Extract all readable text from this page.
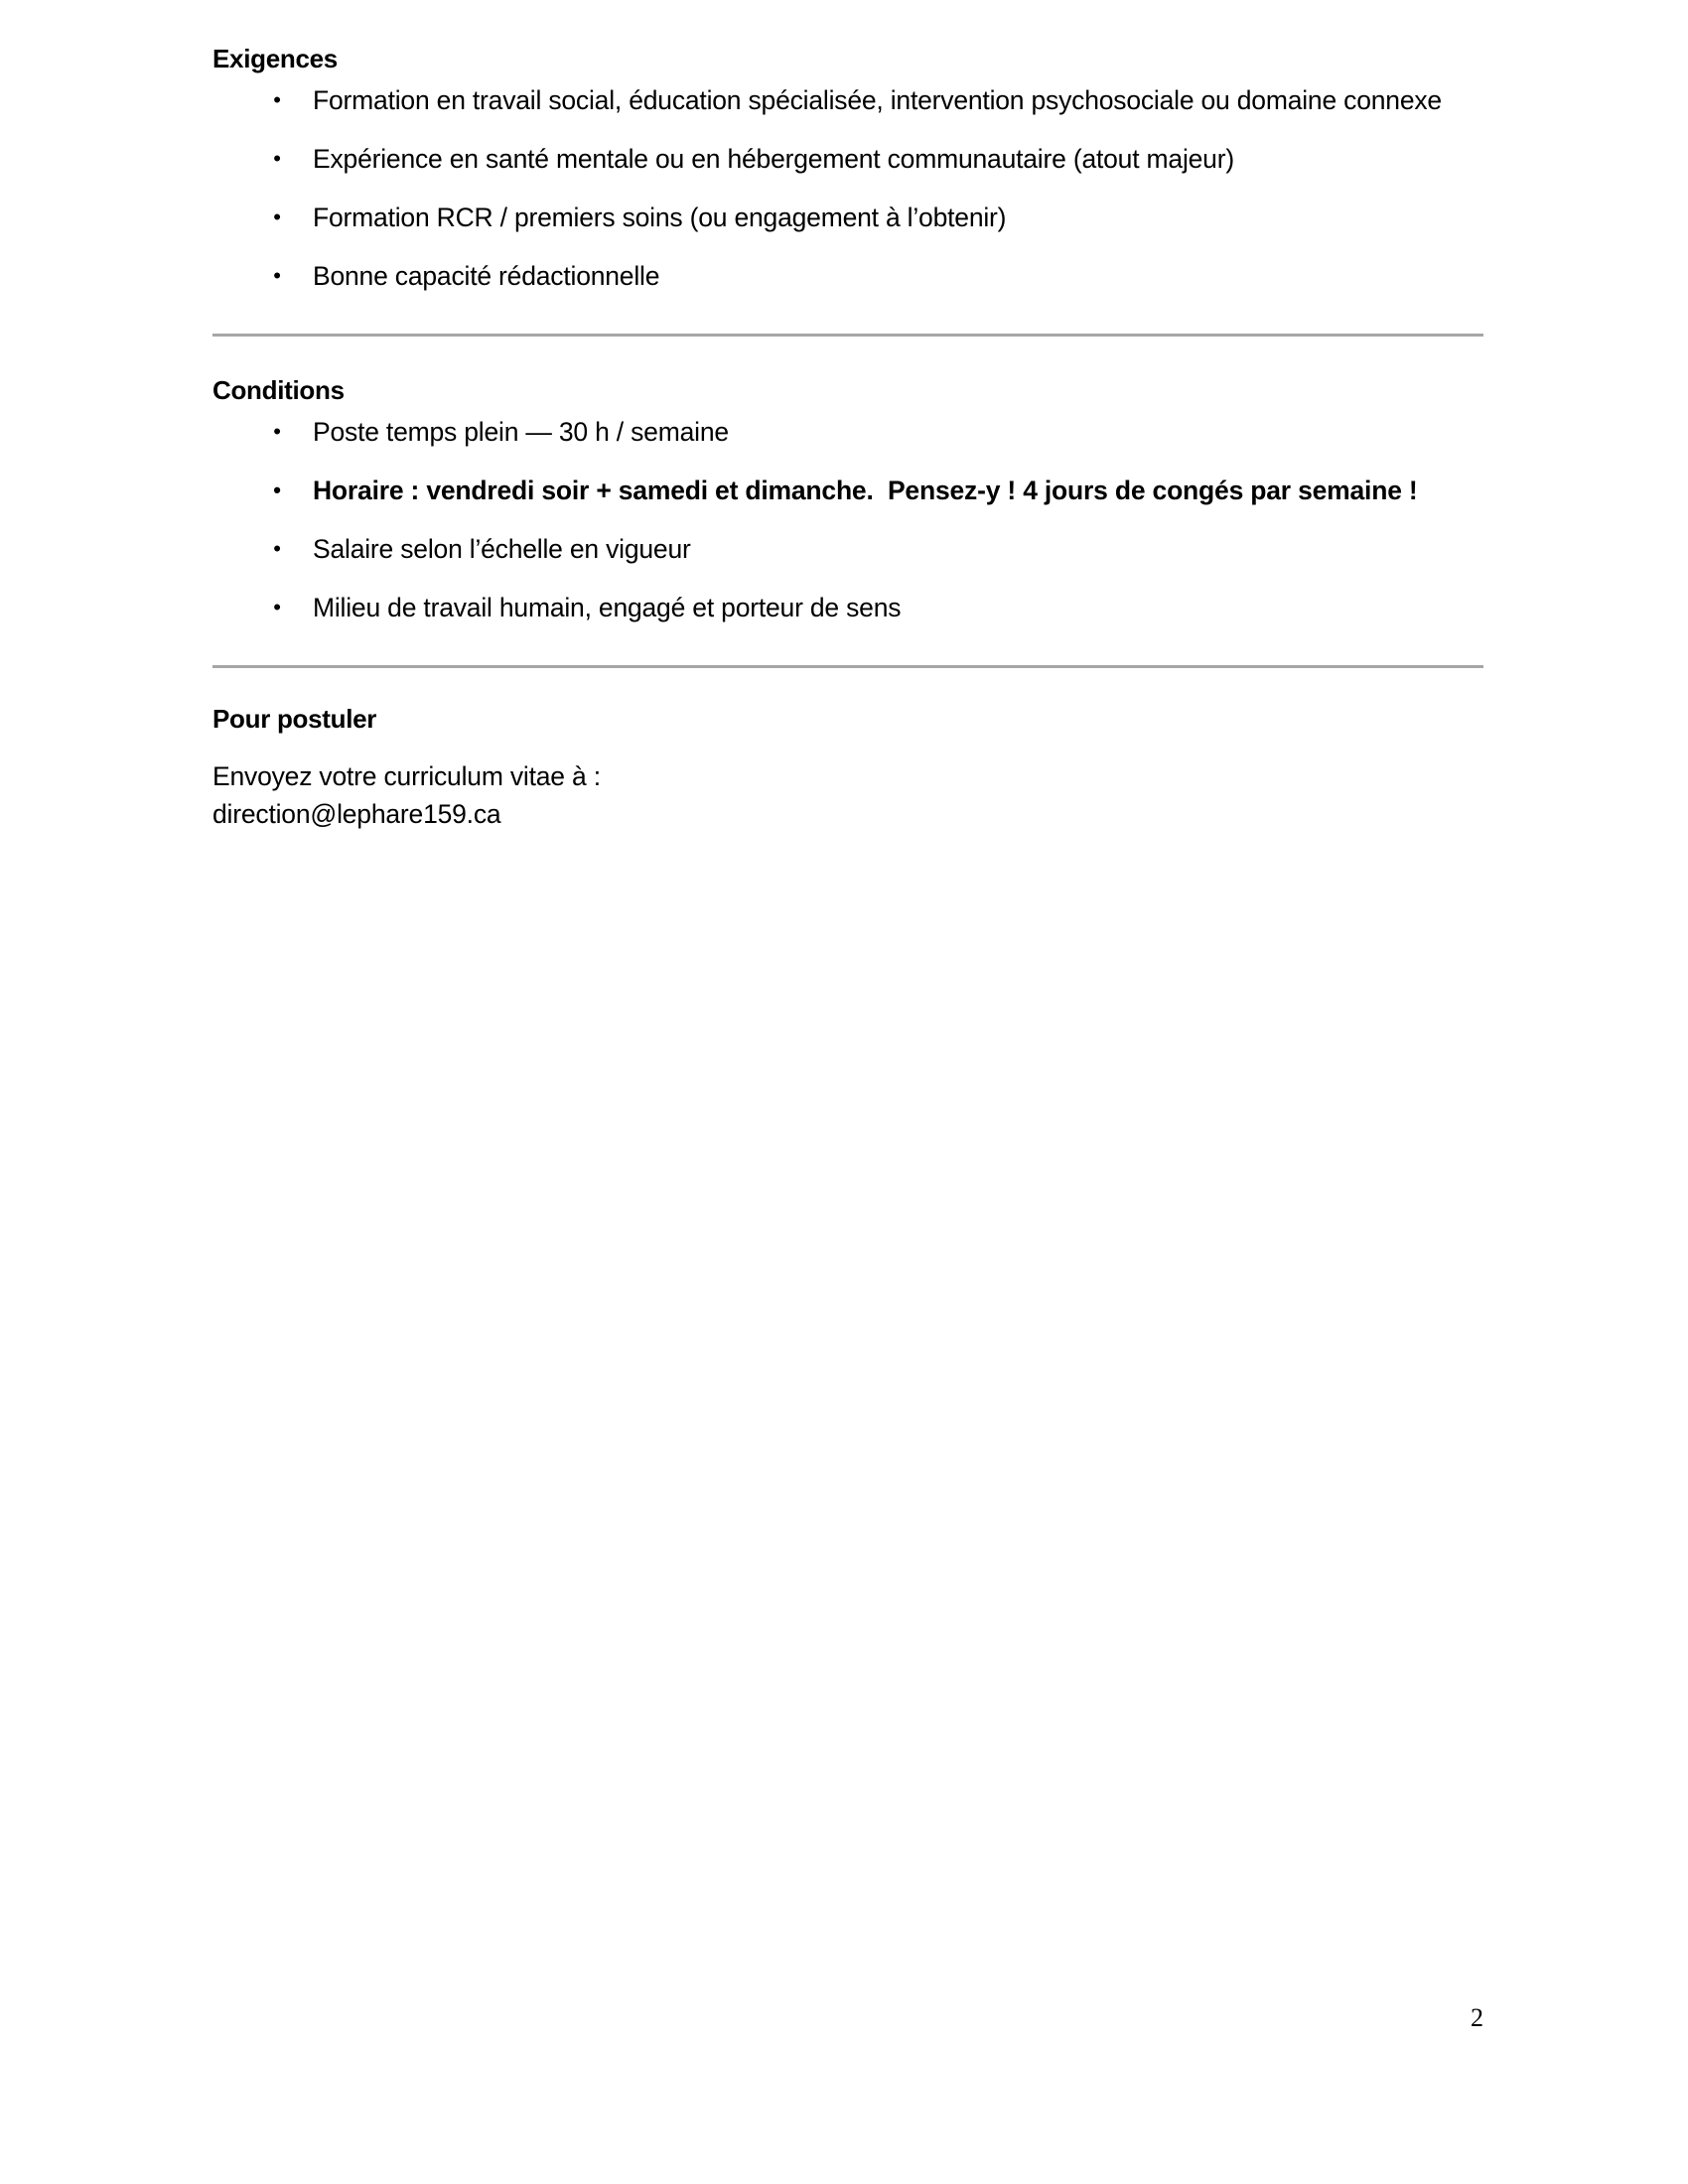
Exigences
• Formation en travail social, éducation spécialisée, intervention psychosociale ou domaine connexe
• Expérience en santé mentale ou en hébergement communautaire (atout majeur)
• Formation RCR / premiers soins (ou engagement à l’obtenir)
• Bonne capacité rédactionnelle
Conditions
• Poste temps plein — 30 h / semaine
• Horaire : vendredi soir + samedi et dimanche.  Pensez-y ! 4 jours de congés par semaine !
• Salaire selon l’échelle en vigueur
• Milieu de travail humain, engagé et porteur de sens
Pour postuler

Envoyez votre curriculum vitae à :

direction@lephare159.ca

2
